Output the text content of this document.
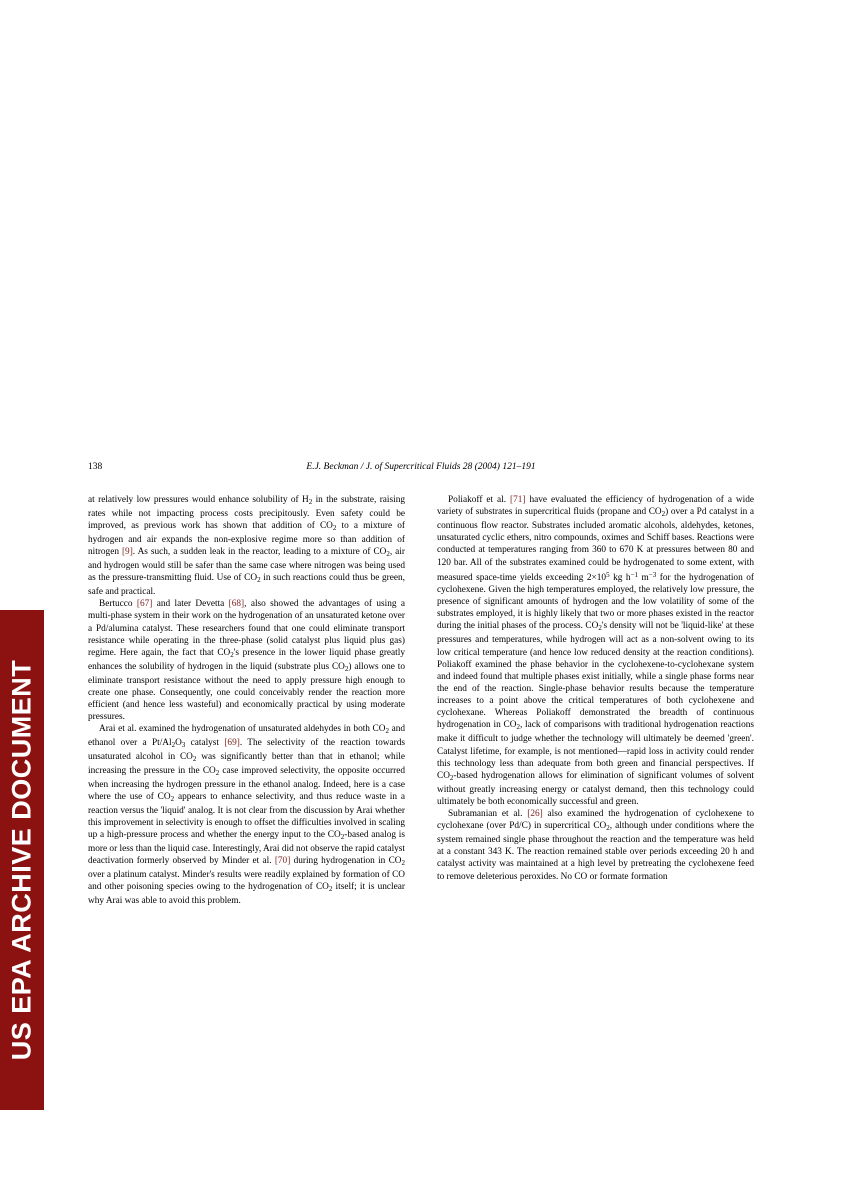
US EPA ARCHIVE DOCUMENT
138	E.J. Beckman / J. of Supercritical Fluids 28 (2004) 121–191

at relatively low pressures would enhance solubility of $H_2$ in the substrate, raising rates while not impacting process costs precipitously. Even safety could be improved, as previous work has shown that addition of $CO_2$ to a mixture of hydrogen and air expands the non-explosive regime more so than addition of nitrogen [9]. As such, a sudden leak in the reactor, leading to a mixture of $CO_2$, air and hydrogen would still be safer than the same case where nitrogen was being used as the pressure-transmitting fluid. Use of $CO_2$ in such reactions could thus be green, safe and practical.

Bertucco [67] and later Devetta [68], also showed the advantages of using a multi-phase system in their work on the hydrogenation of an unsaturated ketone over a Pd/alumina catalyst. These researchers found that one could eliminate transport resistance while operating in the three-phase (solid catalyst plus liquid plus gas) regime. Here again, the fact that $CO_2's$ presence in the lower liquid phase greatly enhances the solubility of hydrogen in the liquid (substrate plus $CO_2$) allows one to eliminate transport resistance without the need to apply pressure high enough to create one phase. Consequently, one could conceivably render the reaction more efficient (and hence less wasteful) and economically practical by using moderate pressures.

Arai et al. examined the hydrogenation of unsaturated aldehydes in both $CO_2$ and ethanol over a $Pt/Al_2O_3$ catalyst [69]. The selectivity of the reaction towards unsaturated alcohol in $CO_2$ was significantly better than that in ethanol; while increasing the pressure in the $CO_2$ case improved selectivity, the opposite occurred when increasing the hydrogen pressure in the ethanol analog. Indeed, here is a case where the use of $CO_2$ appears to enhance selectivity, and thus reduce waste in a reaction versus the 'liquid' analog. It is not clear from the discussion by Arai whether this improvement in selectivity is enough to offset the difficulties involved in scaling up a high-pressure process and whether the energy input to the $CO_2$-based analog is more or less than the liquid case. Interestingly, Arai did not observe the rapid catalyst deactivation formerly observed by Minder et al. [70] during hydrogenation in $CO_2$ over a platinum catalyst. Minder's results were readily explained by formation of CO and other poisoning species owing to the hydrogenation of $CO_2$ itself; it is unclear why Arai was able to avoid this problem.

Poliakoff et al. [71] have evaluated the efficiency of hydrogenation of a wide variety of substrates in supercritical fluids (propane and $CO_2$) over a Pd catalyst in a continuous flow reactor. Substrates included aromatic alcohols, aldehydes, ketones, unsaturated cyclic ethers, nitro compounds, oximes and Schiff bases. Reactions were conducted at temperatures ranging from 360 to 670 K at pressures between 80 and 120 bar. All of the substrates examined could be hydrogenated to some extent, with measured space-time yields exceeding $2\times 10^5$ kg $h^{-1}$ $m^{-3}$ for the hydrogenation of cyclohexene. Given the high temperatures employed, the relatively low pressure, the presence of significant amounts of hydrogen and the low volatility of some of the substrates employed, it is highly likely that two or more phases existed in the reactor during the initial phases of the process. $CO_2's$ density will not be 'liquid-like' at these pressures and temperatures, while hydrogen will act as a non-solvent owing to its low critical temperature (and hence low reduced density at the reaction conditions). Poliakoff examined the phase behavior in the cyclohexene-to-cyclohexane system and indeed found that multiple phases exist initially, while a single phase forms near the end of the reaction. Single-phase behavior results because the temperature increases to a point above the critical temperatures of both cyclohexene and cyclohexane. Whereas Poliakoff demonstrated the breadth of continuous hydrogenation in $CO_2$, lack of comparisons with traditional hydrogenation reactions make it difficult to judge whether the technology will ultimately be deemed 'green'. Catalyst lifetime, for example, is not mentioned—rapid loss in activity could render this technology less than adequate from both green and financial perspectives. If $CO_2$-based hydrogenation allows for elimination of significant volumes of solvent without greatly increasing energy or catalyst demand, then this technology could ultimately be both economically successful and green.

Subramanian et al. [26] also examined the hydrogenation of cyclohexene to cyclohexane (over Pd/C) in supercritical $CO_2$, although under conditions where the system remained single phase throughout the reaction and the temperature was held at a constant 343 K. The reaction remained stable over periods exceeding 20 h and catalyst activity was maintained at a high level by pretreating the cyclohexene feed to remove deleterious peroxides. No CO or formate formation
